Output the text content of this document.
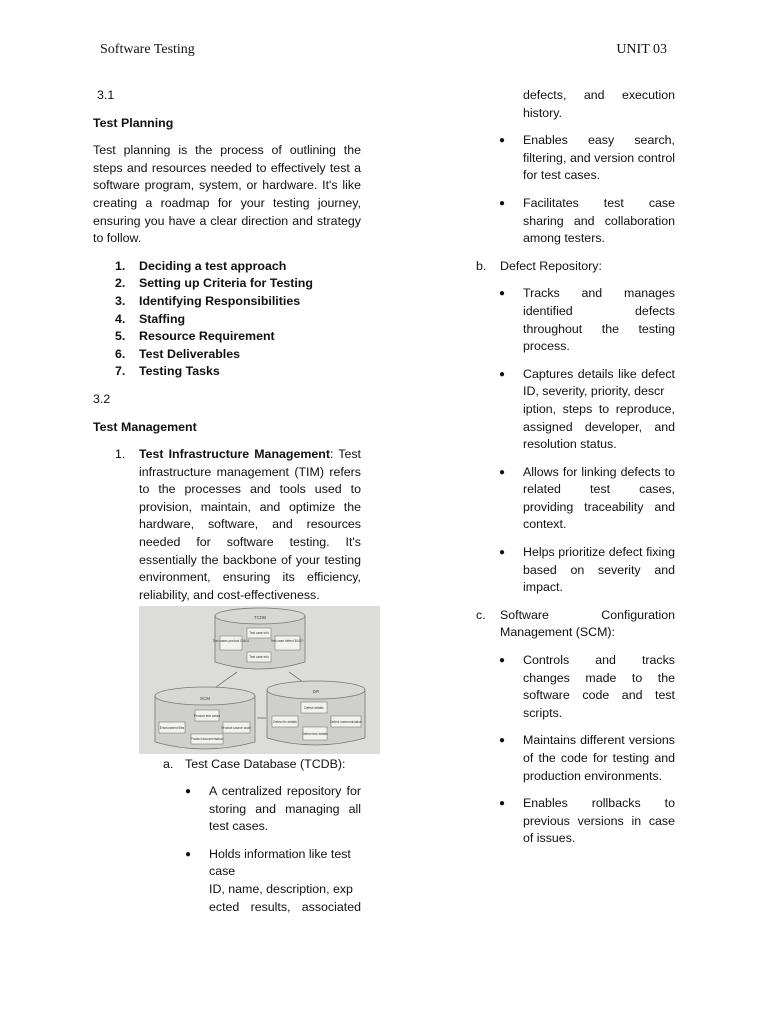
Software Testing	UNIT 03

3.1

Test Planning

Test planning is the process of outlining the steps and resources needed to effectively test a software program, system, or hardware. It's like creating a roadmap for your testing journey, ensuring you have a clear direction and strategy to follow.

1.	Deciding a test approach
2.	Setting up Criteria for Testing
3.	Identifying Responsibilities
4.	Staffing
5.	Resource Requirement
6.	Test Deliverables
7.	Testing Tasks

3.2

Test Management

1. Test Infrastructure Management: Test infrastructure management (TIM) refers to the processes and tools used to provision, maintain, and optimize the hardware, software, and resources needed for software testing. It's essentially the backbone of your testing environment, ensuring its efficiency, reliability, and cost-effectiveness.

TCDB
Test cases product 00A01
Test case info
Test case defect 3042?
Test case info
SCM
Product test cases
Environment files	Product source code
Product documentation
DR
Defect details
Defect fix details
Defect test details
Defect communication
a. Test Case Database (TCDB):
● A centralized repository for storing and managing all test cases.

● Holds information like test case

ID, name, description, exp

ected results, associated

defects, and execution history.

● Enables easy search, filtering, and version control for test cases.

● Facilitates test case sharing and collaboration among testers.

b. Defect Repository:
● Tracks and manages identified defects throughout the testing process.

● Captures details like defect

ID, severity, priority, descr

iption, steps to reproduce, assigned developer, and resolution status.

● Allows for linking defects to related test cases, providing traceability and context.

● Helps prioritize defect fixing based on severity and impact.

c. Software Configuration Management (SCM):

● Controls and tracks changes made to the software code and test scripts.

● Maintains different versions of the code for testing and production environments.

● Enables rollbacks to previous versions in case of issues.
